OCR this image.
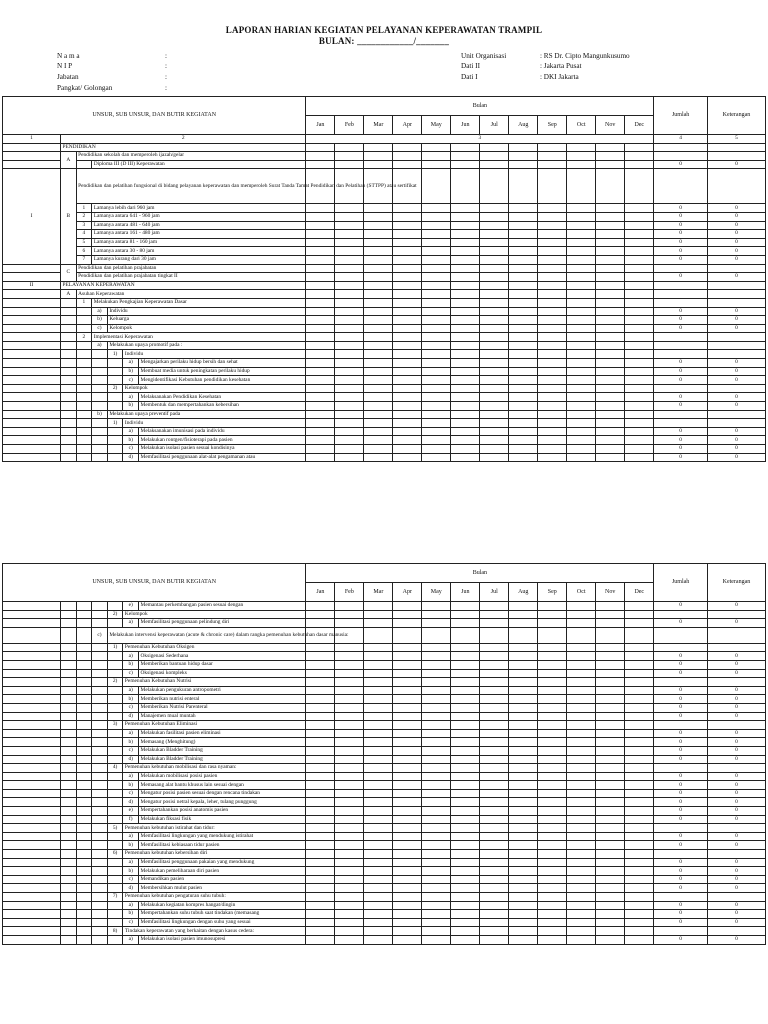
LAPORAN HARIAN KEGIATAN PELAYANAN KEPERAWATAN TRAMPIL
BULAN: ____________/_______
N a m a	:
N I P	:
Jabatan	:
Pangkat/ Golongan	:
Unit Organisasi	: RS Dr. Cipto Mangunkusumo
Dati II	: Jakarta Pusat
Dati I	: DKI Jakarta
UNSUR, SUB UNSUR, DAN BUTIR KEGIATAN							Bulan												Jumlah	Keterangan
							Jan	Feb	Mar	Apr	May	Jun	Jul	Aug	Sep	Oct	Nov	Dec		
1	2						3												4	5
	PENDIDIKAN																			
	A	Pendidikan sekolah dan memperoleh ijazah/gelar																		
			Diploma III (D III) Keperawatan																0	0
I	B	Pendidikan dan pelatihan fungsional di bidang pelayanan keperawatan dan memperoleh Surat Tanda Tamat Pendidikan dan Pelatihan (STTPP) atau sertifikat																		
		1	Lamanya lebih dari 960 jam																0	0
		2	Lamanya antara 641 - 960 jam																0	0
		3	Lamanya antara 481 - 640 jam																0	0
		4	Lamanya antara 161 - 480 jam																0	0
		5	Lamanya antara 81 - 160 jam																0	0
		6	Lamanya antara 30 - 80 jam																0	0
		7	Lamanya kurang dari 30 jam																0	0
	C	Pendidikan dan pelatihan prajabatan																		
		Pendidikan dan pelatihan prajabatan tingkat II																	0	0
II	PELAYANAN KEPERAWATAN																			
	A	Asuhan Keperawatan																		
		1	Melakukan Pengkajian Keperawatan Dasar																	
			a)	Individu															0	0
			b)	Keluarga															0	0
			c)	Kelompok															0	0
		2	Implementasi Keperawatan																	
			a)	Melakukan upaya promotif pada :																
				1)	Individu															
					a)	Mengajarkan perilaku hidup bersih dan sehat													0	0
					b)	Membuat media untuk peningkatan perilaku hidup													0	0
					c)	Mengidentifikasi Kebutuhan pendidikan kesehatan													0	0
				2)	Kelompok															
					a)	Melaksanakan Pendidikan Kesehatan													0	0
					b)	Membentuk dan mempertahankan kebersihan													0	0
			b)	Melakukan upaya preventif pada																
				1)	Individu															
					a)	Melaksanakan imunisasi pada individu													0	0
					b)	Melakukan rontgen/fisioterapi pada pasien													0	0
					c)	Melakukan isolasi pasien sesuai kondisinya													0	0
					d)	Memfasilitasi penggunaan alat-alat pengamanan atau													0	0
UNSUR, SUB UNSUR, DAN BUTIR KEGIATAN							Bulan												Jumlah	Keterangan
							Jan	Feb	Mar	Apr	May	Jun	Jul	Aug	Sep	Oct	Nov	Dec		
					e)	Memantau perkembangan pasien sesuai dengan													0	0
				2)	Kelompok															
					a)	Memfasilitasi penggunaan pelindung diri													0	0
			c)	Melakukan intervensi keperawatan (acute & chronic care) dalam rangka pemenuhan kebutuhan dasar manusia:																
				1)	Pemenuhan Kebutuhan Oksigen															
					a)	Oksigenasi Sederhana													0	0
					b)	Memberikan bantuan hidup dasar													0	0
					c)	Oksigenasi kompleks													0	0
				2)	Pemenuhan Kebutuhan Nutrisi															
					a)	Melakukan pengukuran antropometri													0	0
					b)	Memberikan nutrisi enteral													0	0
					c)	Memberikan Nutrisi Parenteral													0	0
					d)	Manajemen mual muntah													0	0
				3)	Pemenuhan Kebutuhan Eliminasi															
					a)	Melakukan fasilitasi pasien eliminasi													0	0
					b)	Memasang (Menghitung)													0	0
					c)	Melakukan Bladder Training													0	0
					d)	Melakukan Bladder Training													0	0
				4)	Pemenuhan kebutuhan mobilisasi dan rasa nyaman:															
					a)	Melakukan mobilisasi posisi pasien													0	0
					b)	Memasang alat bantu khusus lain sesuai dengan													0	0
					c)	Mengatur posisi pasien sesuai dengan rencana tindakan													0	0
					d)	Mengatur posisi netral kepala, leher, tulang punggung													0	0
					e)	Mempertahankan posisi anatomis pasien													0	0
					f)	Melakukan fiksasi fisik													0	0
				5)	Pemenuhan kebutuhan istirahat dan tidur:															
					a)	Memfasilitasi lingkungan yang mendukung istirahat													0	0
					b)	Memfasilitasi kebiasaan tidur pasien													0	0
				6)	Pemenuhan kebutuhan kebersihan diri															
					a)	Memfasilitasi penggunaan pakaian yang mendukung													0	0
					b)	Melakukan pemeliharaan diri pasien													0	0
					c)	Memandikan pasien													0	0
					d)	Membersihkan mulut pasien													0	0
				7)	Pemenuhan kebutuhan pengaturan suhu tubuh:															
					a)	Melakukan kegiatan kompres hangat/dingin													0	0
					b)	Mempertahankan suhu tubuh saat tindakan (memasang													0	0
					c)	Memfasilitasi lingkungan dengan suhu yang sesuai													0	0
				8)	Tindakan keperawatan yang berkaitan dengan kasus cedera:															
					a)	Melakukan isolasi pasien imunosupresi													0	0
